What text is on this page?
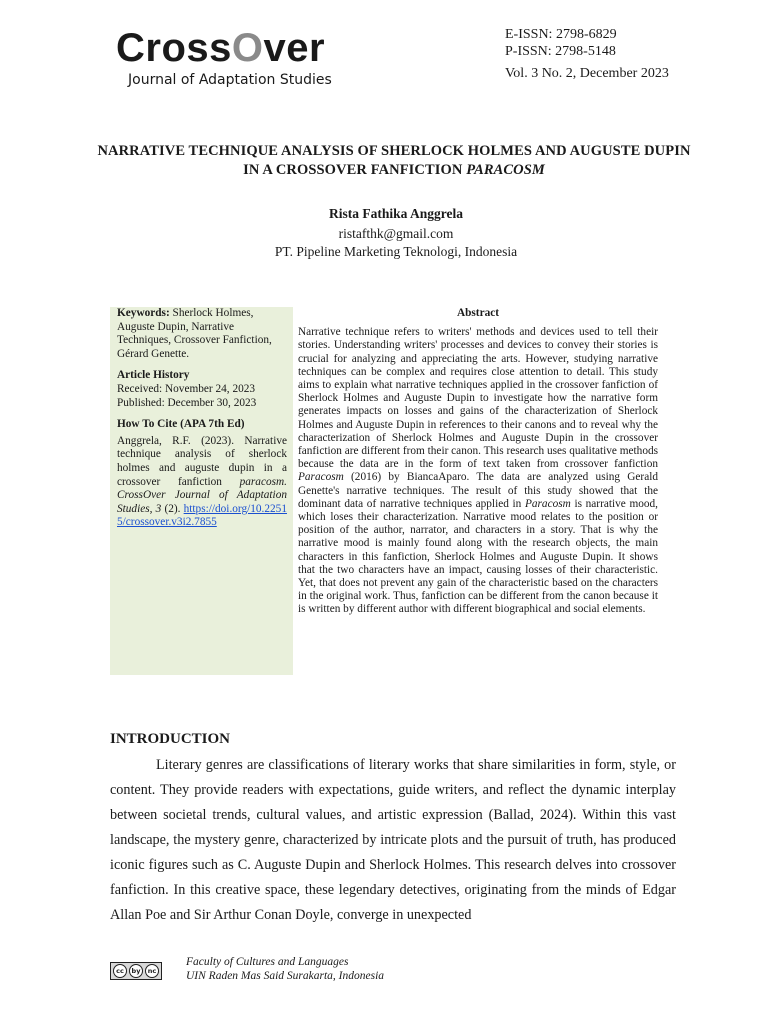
CrossOver
Journal of Adaptation Studies
E-ISSN: 2798-6829
P-ISSN: 2798-5148
Vol. 3 No. 2, December 2023
NARRATIVE TECHNIQUE ANALYSIS OF SHERLOCK HOLMES AND AUGUSTE DUPIN IN A CROSSOVER FANFICTION PARACOSM
Rista Fathika Anggrela
ristafthk@gmail.com
PT. Pipeline Marketing Teknologi, Indonesia

Keywords: Sherlock Holmes, Auguste Dupin, Narrative Techniques, Crossover Fanfiction, Gérard Genette.

Article History

Received: November 24, 2023

Published: December 30, 2023

How To Cite (APA 7th Ed)

Anggrela, R.F. (2023). Narrative technique analysis of sherlock holmes and auguste dupin in a crossover fanfiction paracosm. CrossOver Journal of Adaptation Studies, 3 (2). https://doi.org/10.22515/crossover.v3i2.7855

Abstract
Narrative technique refers to writers' methods and devices used to tell their stories. Understanding writers' processes and devices to convey their stories is crucial for analyzing and appreciating the arts. However, studying narrative techniques can be complex and requires close attention to detail. This study aims to explain what narrative techniques applied in the crossover fanfiction of Sherlock Holmes and Auguste Dupin to investigate how the narrative form generates impacts on losses and gains of the characterization of Sherlock Holmes and Auguste Dupin in references to their canons and to reveal why the characterization of Sherlock Holmes and Auguste Dupin in the crossover fanfiction are different from their canon. This research uses qualitative methods because the data are in the form of text taken from crossover fanfiction Paracosm (2016) by BiancaAparo. The data are analyzed using Gerald Genette's narrative techniques. The result of this study showed that the dominant data of narrative techniques applied in Paracosm is narrative mood, which loses their characterization. Narrative mood relates to the position or position of the author, narrator, and characters in a story. That is why the narrative mood is mainly found along with the research objects, the main characters in this fanfiction, Sherlock Holmes and Auguste Dupin. It shows that the two characters have an impact, causing losses of their characteristic. Yet, that does not prevent any gain of the characteristic based on the characters in the original work. Thus, fanfiction can be different from the canon because it is written by different author with different biographical and social elements.
INTRODUCTION
Literary genres are classifications of literary works that share similarities in form, style, or content. They provide readers with expectations, guide writers, and reflect the dynamic interplay between societal trends, cultural values, and artistic expression (Ballad, 2024). Within this vast landscape, the mystery genre, characterized by intricate plots and the pursuit of truth, has produced iconic figures such as C. Auguste Dupin and Sherlock Holmes. This research delves into crossover fanfiction. In this creative space, these legendary detectives, originating from the minds of Edgar Allan Poe and Sir Arthur Conan Doyle, converge in unexpected
cc	by	nc
Faculty of Cultures and Languages
UIN Raden Mas Said Surakarta, Indonesia
